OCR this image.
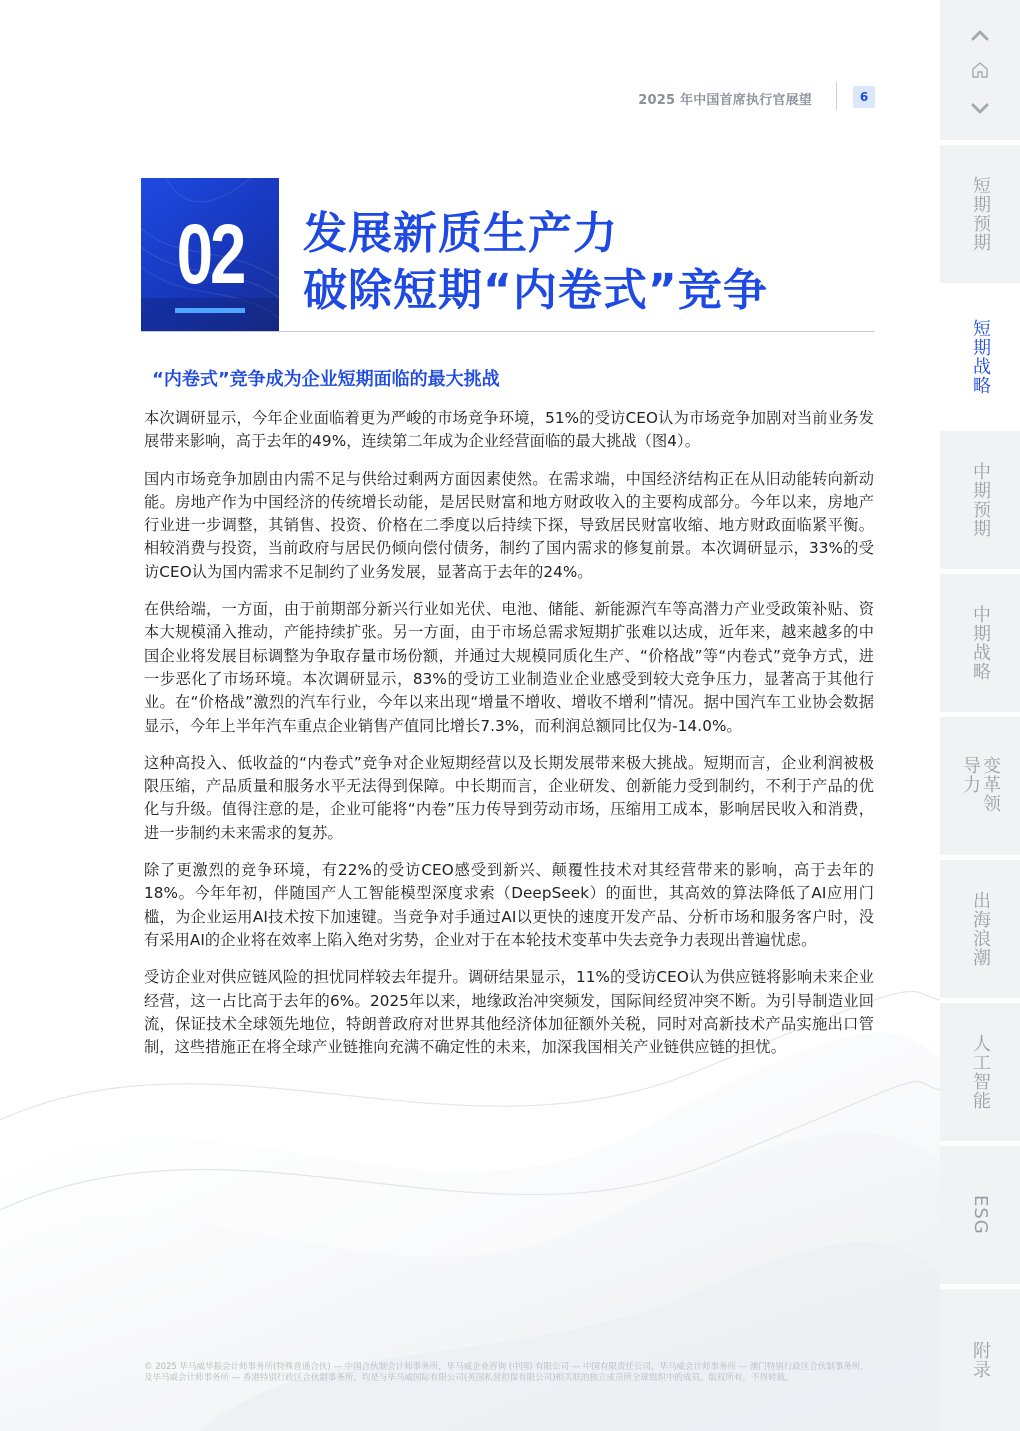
2025 年中国首席执行官展望	6
02	发展新质生产力
破除短期“内卷式”竞争
“内卷式”竞争成为企业短期面临的最大挑战

本次调研显示，今年企业面临着更为严峻的市场竞争环境，51%的受访CEO认为市场竞争加剧对当前业务发展带来影响，高于去年的49%，连续第二年成为企业经营面临的最大挑战（图4）。

国内市场竞争加剧由内需不足与供给过剩两方面因素使然。在需求端，中国经济结构正在从旧动能转向新动能。房地产作为中国经济的传统增长动能，是居民财富和地方财政收入的主要构成部分。今年以来，房地产行业进一步调整，其销售、投资、价格在二季度以后持续下探，导致居民财富收缩、地方财政面临紧平衡。相较消费与投资，当前政府与居民仍倾向偿付债务，制约了国内需求的修复前景。本次调研显示，33%的受访CEO认为国内需求不足制约了业务发展，显著高于去年的24%。

在供给端，一方面，由于前期部分新兴行业如光伏、电池、储能、新能源汽车等高潜力产业受政策补贴、资本大规模涌入推动，产能持续扩张。另一方面，由于市场总需求短期扩张难以达成，近年来，越来越多的中国企业将发展目标调整为争取存量市场份额，并通过大规模同质化生产、“价格战”等“内卷式”竞争方式，进一步恶化了市场环境。本次调研显示，83%的受访工业制造业企业感受到较大竞争压力，显著高于其他行业。在“价格战”激烈的汽车行业，今年以来出现“增量不增收、增收不增利”情况。据中国汽车工业协会数据显示，今年上半年汽车重点企业销售产值同比增长7.3%，而利润总额同比仅为-14.0%。

这种高投入、低收益的“内卷式”竞争对企业短期经营以及长期发展带来极大挑战。短期而言，企业利润被极限压缩，产品质量和服务水平无法得到保障。中长期而言，企业研发、创新能力受到制约，不利于产品的优化与升级。值得注意的是，企业可能将“内卷”压力传导到劳动市场，压缩用工成本，影响居民收入和消费，进一步制约未来需求的复苏。

除了更激烈的竞争环境，有22%的受访CEO感受到新兴、颠覆性技术对其经营带来的影响，高于去年的18%。今年年初，伴随国产人工智能模型深度求索（DeepSeek）的面世，其高效的算法降低了AI应用门槛，为企业运用AI技术按下加速键。当竞争对手通过AI以更快的速度开发产品、分析市场和服务客户时，没有采用AI的企业将在效率上陷入绝对劣势，企业对于在本轮技术变革中失去竞争力表现出普遍忧虑。

受访企业对供应链风险的担忧同样较去年提升。调研结果显示，11%的受访CEO认为供应链将影响未来企业经营，这一占比高于去年的6%。2025年以来，地缘政治冲突频发，国际间经贸冲突不断。为引导制造业回流，保证技术全球领先地位，特朗普政府对世界其他经济体加征额外关税，同时对高新技术产品实施出口管制，这些措施正在将全球产业链推向充满不确定性的未来，加深我国相关产业链供应链的担忧。

© 2025 毕马威华振会计师事务所(特殊普通合伙) — 中国合伙制会计师事务所，毕马威企业咨询 (中国) 有限公司 — 中国有限责任公司，毕马威会计师事务所 — 澳门特别行政区合伙制事务所，及毕马威会计师事务所 — 香港特别行政区合伙制事务所，均是与毕马威国际有限公司(英国私营担保有限公司)相关联的独立成员所全球组织中的成员。版权所有，不得转载。
短期预期
短期战略
中期预期
中期战略
变革领导力
出海浪潮
人工智能
ESG
附录
